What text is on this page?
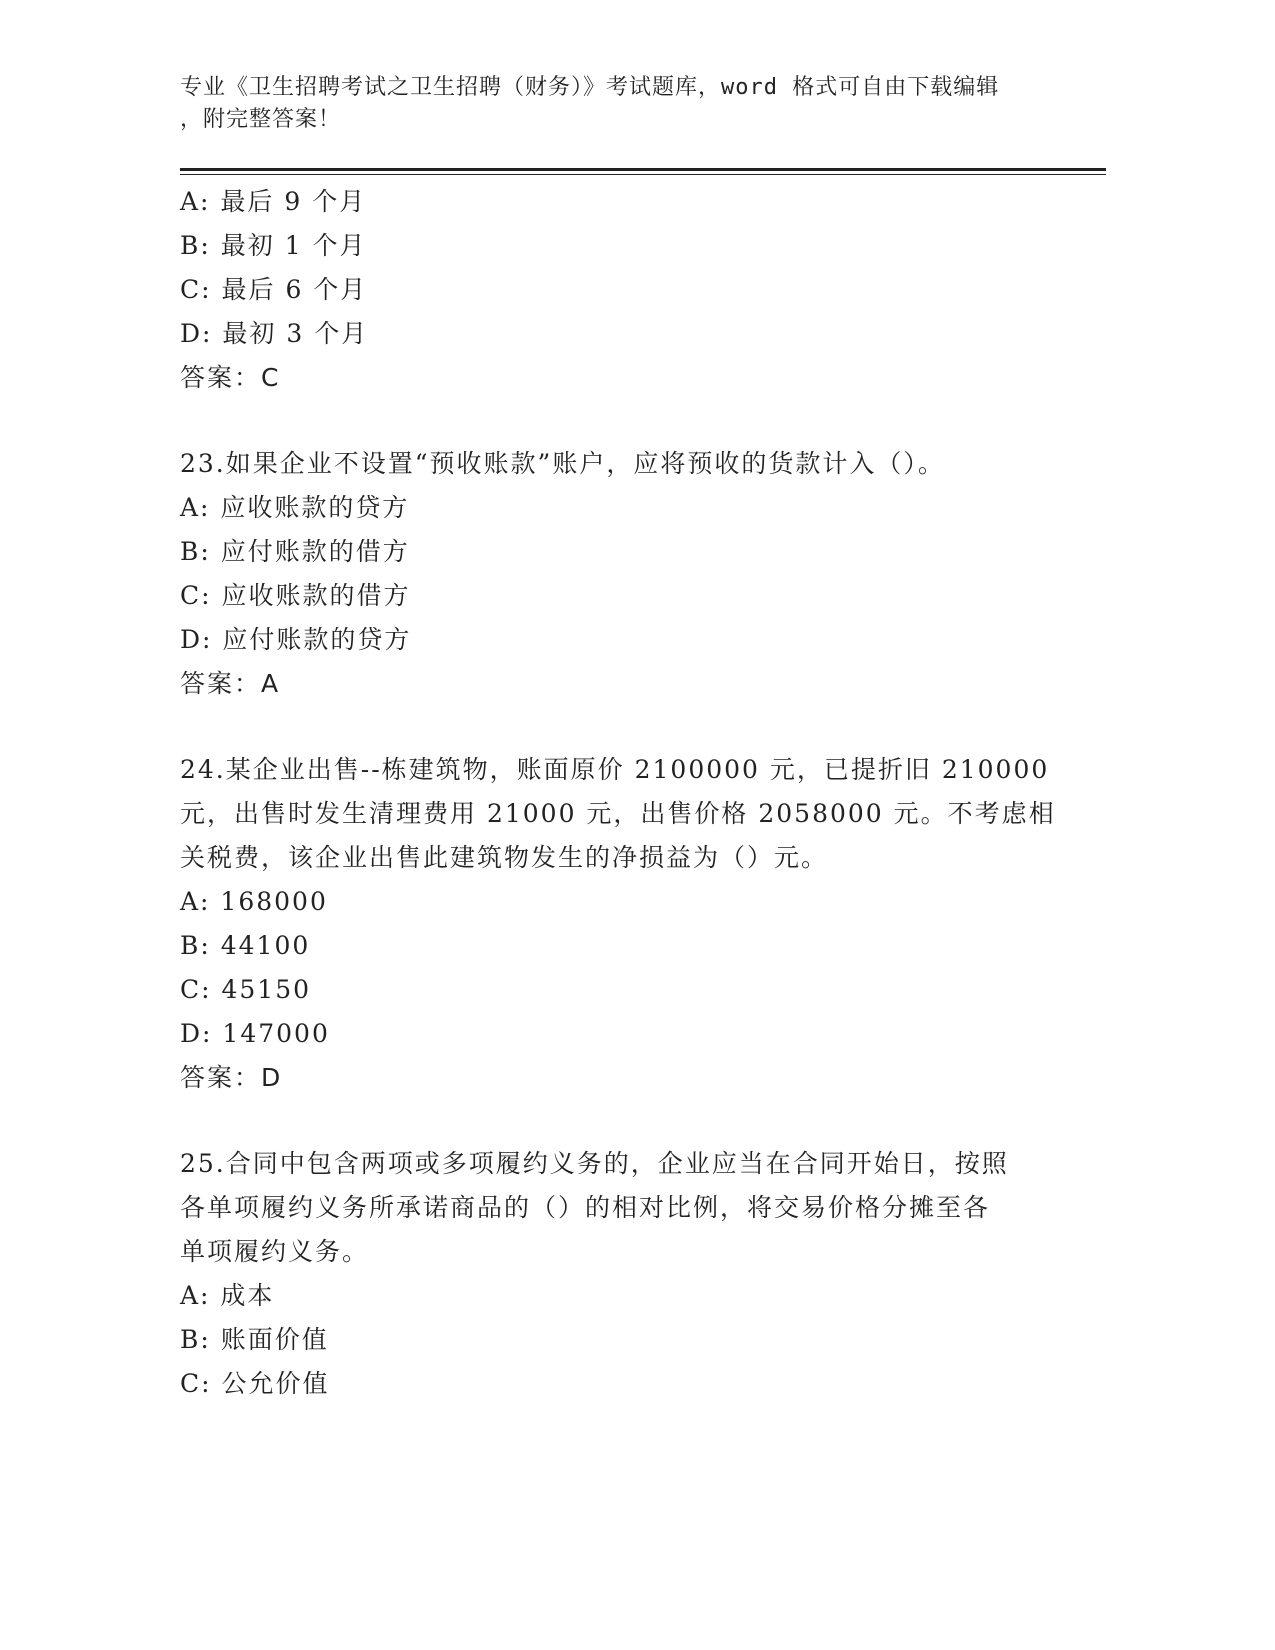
专业《卫生招聘考试之卫生招聘（财务）》考试题库，word 格式可自由下载编辑
，附完整答案！
A: 最后 9 个月
B: 最初 1 个月
C: 最后 6 个月
D: 最初 3 个月
答案：C
23.如果企业不设置“预收账款”账户，应将预收的货款计入（）。
A: 应收账款的贷方
B: 应付账款的借方
C: 应收账款的借方
D: 应付账款的贷方
答案：A
24.某企业出售--栋建筑物，账面原价 2100000 元，已提折旧 210000
元，出售时发生清理费用 21000 元，出售价格 2058000 元。不考虑相
关税费，该企业出售此建筑物发生的净损益为（）元。
A: 168000
B: 44100
C: 45150
D: 147000
答案：D
25.合同中包含两项或多项履约义务的，企业应当在合同开始日，按照
各单项履约义务所承诺商品的（）的相对比例，将交易价格分摊至各
单项履约义务。
A: 成本
B: 账面价值
C: 公允价值
